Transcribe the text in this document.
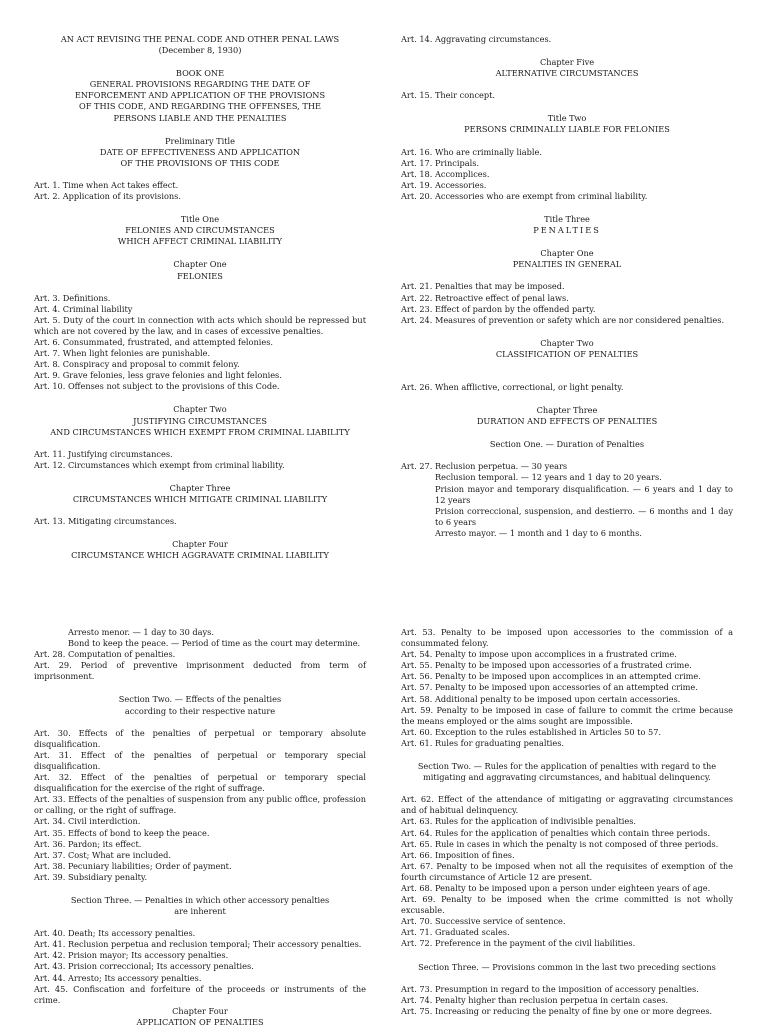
AN ACT REVISING THE PENAL CODE AND OTHER PENAL LAWS
(December 8, 1930)
BOOK ONE
GENERAL PROVISIONS REGARDING THE DATE OF
ENFORCEMENT AND APPLICATION OF THE PROVISIONS
OF THIS CODE, AND REGARDING THE OFFENSES, THE
PERSONS LIABLE AND THE PENALTIES
Preliminary Title
DATE OF EFFECTIVENESS AND APPLICATION
OF THE PROVISIONS OF THIS CODE
Art. 1. Time when Act takes effect.
Art. 2. Application of its provisions.
Title One
FELONIES AND CIRCUMSTANCES
WHICH AFFECT CRIMINAL LIABILITY
Chapter One
FELONIES
Art. 3. Definitions.
Art. 4. Criminal liability
Art. 5. Duty of the court in connection with acts which should be repressed but which are not covered by the law, and in cases of excessive penalties.
Art. 6. Consummated, frustrated, and attempted felonies.
Art. 7. When light felonies are punishable.
Art. 8. Conspiracy and proposal to commit felony.
Art. 9. Grave felonies, less grave felonies and light felonies.
Art. 10. Offenses not subject to the provisions of this Code.
Chapter Two
JUSTIFYING CIRCUMSTANCES
AND CIRCUMSTANCES WHICH EXEMPT FROM CRIMINAL LIABILITY
Art. 11. Justifying circumstances.
Art. 12. Circumstances which exempt from criminal liability.
Chapter Three
CIRCUMSTANCES WHICH MITIGATE CRIMINAL LIABILITY
Art. 13. Mitigating circumstances.
Chapter Four
CIRCUMSTANCE WHICH AGGRAVATE CRIMINAL LIABILITY
Art. 14. Aggravating circumstances.
Chapter Five
ALTERNATIVE CIRCUMSTANCES
Art. 15. Their concept.
Title Two
PERSONS CRIMINALLY LIABLE FOR FELONIES
Art. 16. Who are criminally liable.
Art. 17. Principals.
Art. 18. Accomplices.
Art. 19. Accessories.
Art. 20. Accessories who are exempt from criminal liability.
Title Three
PENALTIES
Chapter One
PENALTIES IN GENERAL
Art. 21. Penalties that may be imposed.
Art. 22. Retroactive effect of penal laws.
Art. 23. Effect of pardon by the offended party.
Art. 24. Measures of prevention or safety which are nor considered penalties.
Chapter Two
CLASSIFICATION OF PENALTIES
Art. 26. When afflictive, correctional, or light penalty.
Chapter Three
DURATION AND EFFECTS OF PENALTIES
Section One. — Duration of Penalties
Art. 27. Reclusion perpetua. — 30 years
Reclusion temporal. — 12 years and 1 day to 20 years.
Prision mayor and temporary disqualification. — 6 years and 1 day to 12 years
Prision correccional, suspension, and destierro. — 6 months and 1 day to 6 years
Arresto mayor. — 1 month and 1 day to 6 months.
Arresto menor. — 1 day to 30 days.
Bond to keep the peace. — Period of time as the court may determine.
Art. 28. Computation of penalties.
Art. 29. Period of preventive imprisonment deducted from term of imprisonment.
Section Two. — Effects of the penalties
according to their respective nature
Art. 30. Effects of the penalties of perpetual or temporary absolute disqualification.
Art. 31. Effect of the penalties of perpetual or temporary special disqualification.
Art. 32. Effect of the penalties of perpetual or temporary special disqualification for the exercise of the right of suffrage.
Art. 33. Effects of the penalties of suspension from any public office, profession or calling, or the right of suffrage.
Art. 34. Civil interdiction.
Art. 35. Effects of bond to keep the peace.
Art. 36. Pardon; its effect.
Art. 37. Cost; What are included.
Art. 38. Pecuniary liabilities; Order of payment.
Art. 39. Subsidiary penalty.
Section Three. — Penalties in which other accessory penalties
are inherent
Art. 40. Death; Its accessory penalties.
Art. 41. Reclusion perpetua and reclusion temporal; Their accessory penalties.
Art. 42. Prision mayor; Its accessory penalties.
Art. 43. Prision correccional; Its accessory penalties.
Art. 44. Arresto; Its accessory penalties.
Art. 45. Confiscation and forfeiture of the proceeds or instruments of the crime.
Chapter Four
APPLICATION OF PENALTIES
Art. 53. Penalty to be imposed upon accessories to the commission of a consummated felony.
Art. 54. Penalty to impose upon accomplices in a frustrated crime.
Art. 55. Penalty to be imposed upon accessories of a frustrated crime.
Art. 56. Penalty to be imposed upon accomplices in an attempted crime.
Art. 57. Penalty to be imposed upon accessories of an attempted crime.
Art. 58. Additional penalty to be imposed upon certain accessories.
Art. 59. Penalty to be imposed in case of failure to commit the crime because the means employed or the aims sought are impossible.
Art. 60. Exception to the rules established in Articles 50 to 57.
Art. 61. Rules for graduating penalties.
Section Two. — Rules for the application of penalties with regard to the
mitigating and aggravating circumstances, and habitual delinquency.
Art. 62. Effect of the attendance of mitigating or aggravating circumstances and of habitual delinquency.
Art. 63. Rules for the application of indivisible penalties.
Art. 64. Rules for the application of penalties which contain three periods.
Art. 65. Rule in cases in which the penalty is not composed of three periods.
Art. 66. Imposition of fines.
Art. 67. Penalty to be imposed when not all the requisites of exemption of the fourth circumstance of Article 12 are present.
Art. 68. Penalty to be imposed upon a person under eighteen years of age.
Art. 69. Penalty to be imposed when the crime committed is not wholly excusable.
Art. 70. Successive service of sentence.
Art. 71. Graduated scales.
Art. 72. Preference in the payment of the civil liabilities.
Section Three. — Provisions common in the last two preceding sections
Art. 73. Presumption in regard to the imposition of accessory penalties.
Art. 74. Penalty higher than reclusion perpetua in certain cases.
Art. 75. Increasing or reducing the penalty of fine by one or more degrees.
